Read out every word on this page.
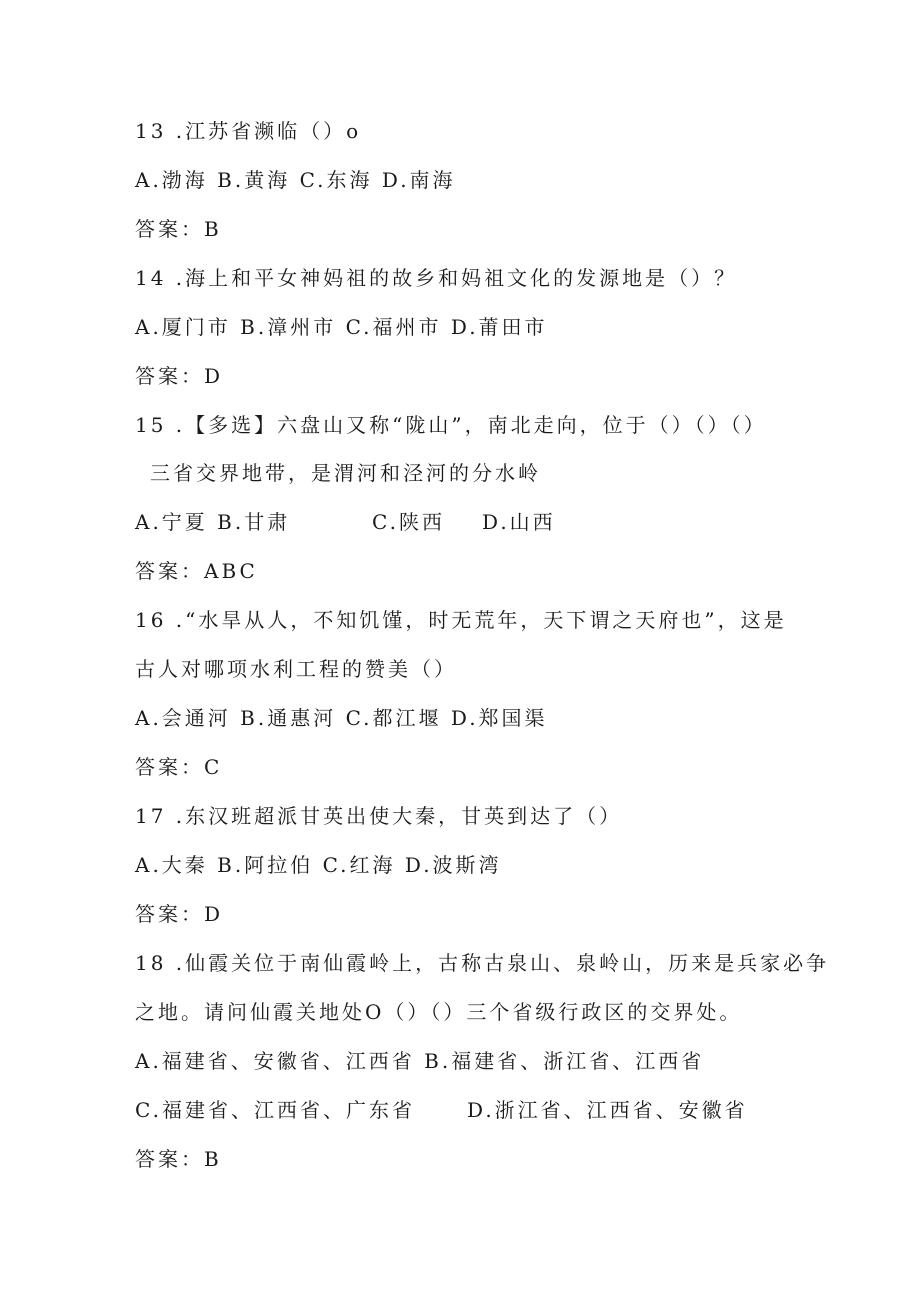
13 .江苏省濒临（）o
A.渤海 B.黄海 C.东海 D.南海
答案：B
14 .海上和平女神妈祖的故乡和妈祖文化的发源地是（）？
A.厦门市 B.漳州市 C.福州市 D.莆田市
答案：D
15 .【多选】六盘山又称“陇山”，南北走向，位于（）（）（）
三省交界地带，是渭河和泾河的分水岭
A.宁夏 B.甘肃	C.陕西 D.山西
答案：ABC
16 .“水旱从人，不知饥馑，时无荒年，天下谓之天府也”，这是
古人对哪项水利工程的赞美（）
A.会通河 B.通惠河 C.都江堰 D.郑国渠
答案：C
17 .东汉班超派甘英出使大秦，甘英到达了（）
A.大秦 B.阿拉伯 C.红海 D.波斯湾
答案：D
18 .仙霞关位于南仙霞岭上，古称古泉山、泉岭山，历来是兵家必争
之地。请问仙霞关地处O（）（）三个省级行政区的交界处。
A.福建省、安徽省、江西省 B.福建省、浙江省、江西省
C.福建省、江西省、广东省	D.浙江省、江西省、安徽省
答案：B
